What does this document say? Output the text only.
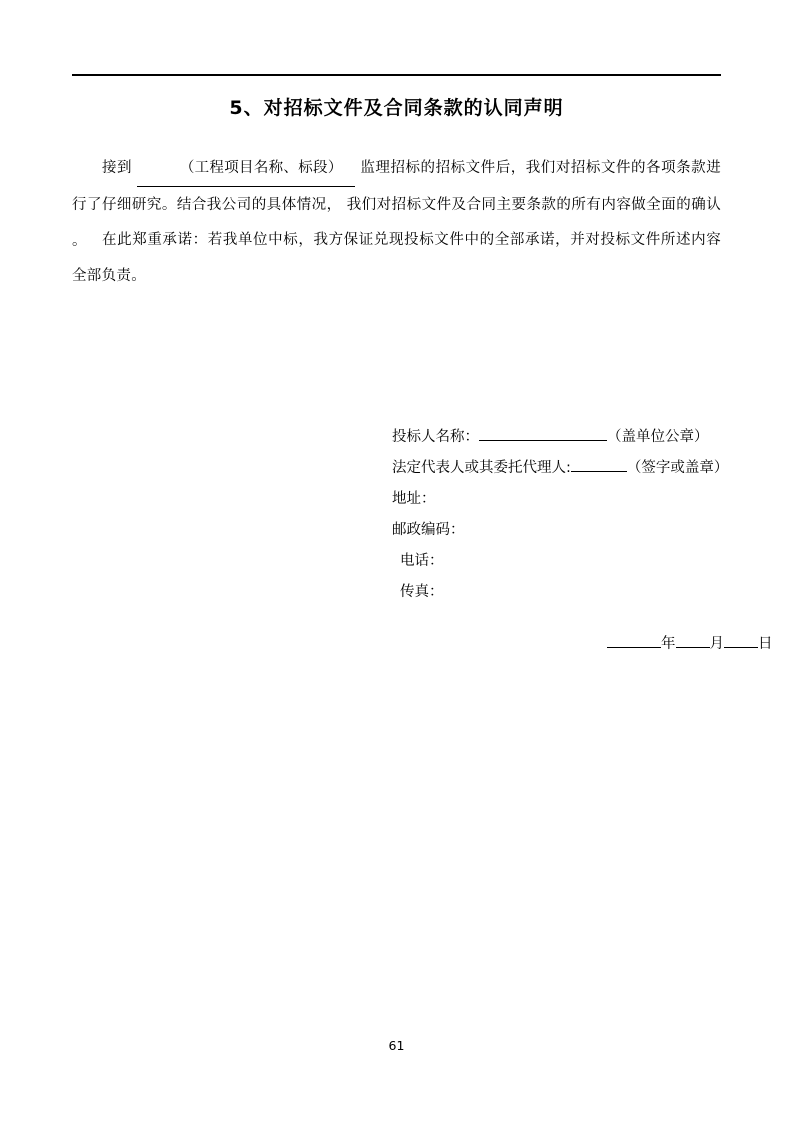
5、对招标文件及合同条款的认同声明
接到	（工程项目名称、标段） 监理招标的招标文件后，我们对招标文件的各项条款进行了仔细研究。结合我公司的具体情况， 我们对招标文件及合同主要条款的所有内容做全面的确认 。	在此郑重承诺：若我单位中标，我方保证兑现投标文件中的全部承诺，并对投标文件所述内容全部负责。
投标人名称：	（盖单位公章）
法定代表人或其委托代理人:	（签字或盖章）
地址：
邮政编码：
电话：
传真：
年 月 日
61
